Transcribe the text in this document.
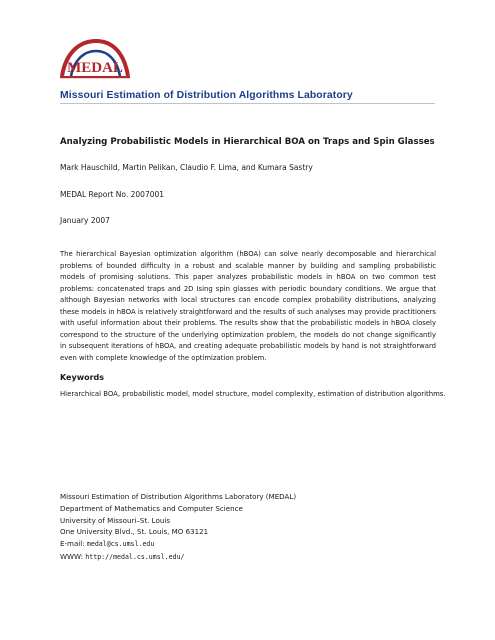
MEDAL
Missouri Estimation of Distribution Algorithms Laboratory
Analyzing Probabilistic Models in Hierarchical BOA on Traps and Spin Glasses
Mark Hauschild, Martin Pelikan, Claudio F. Lima, and Kumara Sastry
MEDAL Report No. 2007001
January 2007

The hierarchical Bayesian optimization algorithm (hBOA) can solve nearly decomposable and hierarchical problems of bounded difficulty in a robust and scalable manner by building and sampling probabilistic models of promising solutions. This paper analyzes probabilistic models in hBOA on two common test problems: concatenated traps and 2D Ising spin glasses with periodic boundary conditions. We argue that although Bayesian networks with local structures can encode complex probability distributions, analyzing these models in hBOA is relatively straightforward and the results of such analyses may provide practitioners with useful information about their problems. The results show that the probabilistic models in hBOA closely correspond to the structure of the underlying optimization problem, the models do not change significantly in subsequent iterations of hBOA, and creating adequate probabilistic models by hand is not straightforward even with complete knowledge of the optimization problem.

Keywords
Hierarchical BOA, probabilistic model, model structure, model complexity, estimation of distribution algorithms.
Missouri Estimation of Distribution Algorithms Laboratory (MEDAL)
Department of Mathematics and Computer Science
University of Missouri–St. Louis
One University Blvd., St. Louis, MO 63121
E-mail: medal@cs.umsl.edu
WWW: http://medal.cs.umsl.edu/
